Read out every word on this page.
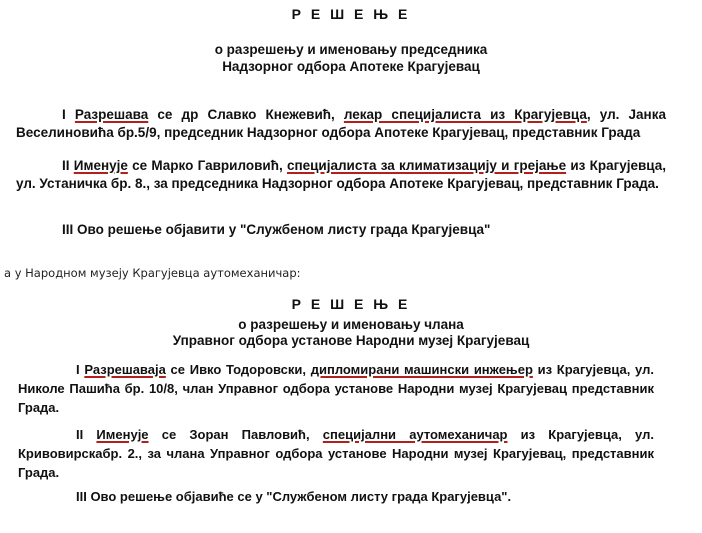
Р Е Ш Е Њ Е
о разрешењу и именовању председника
Надзорног одбора Апотеке Крагујевац
I Разрешава се др Славко Кнежевић, лекар специјалиста из Крагујевца, ул. Јанка Веселиновића бр.5/9, председник Надзорног одбора Апотеке Крагујевац, представник Града
II Именује се Марко Гавриловић, специјалиста за климатизацију и грејање из Крагујевца, ул. Устаничка бр. 8., за председника Надзорног одбора Апотеке Крагујевац, представник Града.
III Ово решење објавити у "Службеном листу града Крагујевца"
а у Народном музеју Крагујевца аутомеханичар:
Р Е Ш Е Њ Е
о разрешењу и именовању члана
Управног одбора установе Народни музеј Крагујевац
I Разрешаваја се Ивко Тодоровски, дипломирани машински инжењер из Крагујевца, ул. Николе Пашића бр. 10/8, члан Управног одбора установе Народни музеј Крагујевац представник Града.
II Именује се Зоран Павловић, специјални аутомеханичар из Крагујевца, ул. Кривовирскабр. 2., за члана Управног одбора установе Народни музеј Крагујевац, представник Града.
III Ово решење објавиће се у "Службеном листу града Крагујевца".
